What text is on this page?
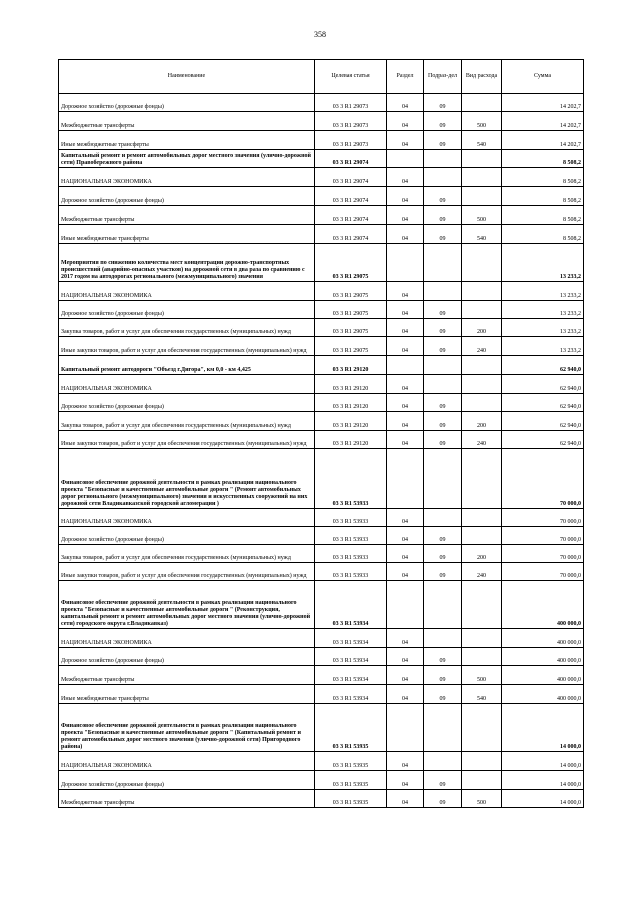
358
Наименование	Целевая статья	Раздел	Подраз-дел	Вид расхода	Сумма
Дорожное хозяйство (дорожные фонды)	03 3 R1 29073	04	09		14 202,7
Межбюджетные трансферты	03 3 R1 29073	04	09	500	14 202,7
Иные межбюджетные трансферты	03 3 R1 29073	04	09	540	14 202,7
Капитальный ремонт и ремонт автомобильных дорог местного значения (улично-дорожной сети) Правобережного района	03 3 R1 29074				8 508,2
НАЦИОНАЛЬНАЯ ЭКОНОМИКА	03 3 R1 29074	04			8 508,2
Дорожное хозяйство (дорожные фонды)	03 3 R1 29074	04	09		8 508,2
Межбюджетные трансферты	03 3 R1 29074	04	09	500	8 508,2
Иные межбюджетные трансферты	03 3 R1 29074	04	09	540	8 508,2
Мероприятия по снижению количества мест концентрации дорожно-транспортных происшествий (аварийно-опасных участков) на дорожной сети в два раза по сравнению с 2017 годом на автодорогах регионального (межмуниципального) значения	03 3 R1 29075				13 233,2
НАЦИОНАЛЬНАЯ ЭКОНОМИКА	03 3 R1 29075	04			13 233,2
Дорожное хозяйство (дорожные фонды)	03 3 R1 29075	04	09		13 233,2
Закупка товаров, работ и услуг для обеспечения государственных (муниципальных) нужд	03 3 R1 29075	04	09	200	13 233,2
Иные закупки товаров, работ и услуг для обеспечения государственных (муниципальных) нужд	03 3 R1 29075	04	09	240	13 233,2
Капитальный ремонт автодороги "Объезд г.Дигора", км 0,0 - км 4,425	03 3 R1 29120				62 940,0
НАЦИОНАЛЬНАЯ ЭКОНОМИКА	03 3 R1 29120	04			62 940,0
Дорожное хозяйство (дорожные фонды)	03 3 R1 29120	04	09		62 940,0
Закупка товаров, работ и услуг для обеспечения государственных (муниципальных) нужд	03 3 R1 29120	04	09	200	62 940,0
Иные закупки товаров, работ и услуг для обеспечения государственных (муниципальных) нужд	03 3 R1 29120	04	09	240	62 940,0
Финансовое обеспечение дорожной деятельности в рамках реализации национального проекта "Безопасные и качественные автомобильные дороги " (Ремонт автомобильных дорог регионального (межмуниципального) значения и искусственных сооружений на них дорожной сети Владикавказской городской агломерации )	03 3 R1 53933				70 000,0
НАЦИОНАЛЬНАЯ ЭКОНОМИКА	03 3 R1 53933	04			70 000,0
Дорожное хозяйство (дорожные фонды)	03 3 R1 53933	04	09		70 000,0
Закупка товаров, работ и услуг для обеспечения государственных (муниципальных) нужд	03 3 R1 53933	04	09	200	70 000,0
Иные закупки товаров, работ и услуг для обеспечения государственных (муниципальных) нужд	03 3 R1 53933	04	09	240	70 000,0
Финансовое обеспечение дорожной деятельности в рамках реализации национального проекта "Безопасные и качественные автомобильные дороги " (Реконструкция, капитальный ремонт и ремонт автомобильных дорог местного значения (улично-дорожной сети) городского округа г.Владикавказ)	03 3 R1 53934				400 000,0
НАЦИОНАЛЬНАЯ ЭКОНОМИКА	03 3 R1 53934	04			400 000,0
Дорожное хозяйство (дорожные фонды)	03 3 R1 53934	04	09		400 000,0
Межбюджетные трансферты	03 3 R1 53934	04	09	500	400 000,0
Иные межбюджетные трансферты	03 3 R1 53934	04	09	540	400 000,0
Финансовое обеспечение дорожной деятельности в рамках реализации национального проекта "Безопасные и качественные автомобильные дороги " (Капитальный ремонт и ремонт автомобильных дорог местного значения (улично-дорожной сети) Пригородного района)	03 3 R1 53935				14 000,0
НАЦИОНАЛЬНАЯ ЭКОНОМИКА	03 3 R1 53935	04			14 000,0
Дорожное хозяйство (дорожные фонды)	03 3 R1 53935	04	09		14 000,0
Межбюджетные трансферты	03 3 R1 53935	04	09	500	14 000,0
